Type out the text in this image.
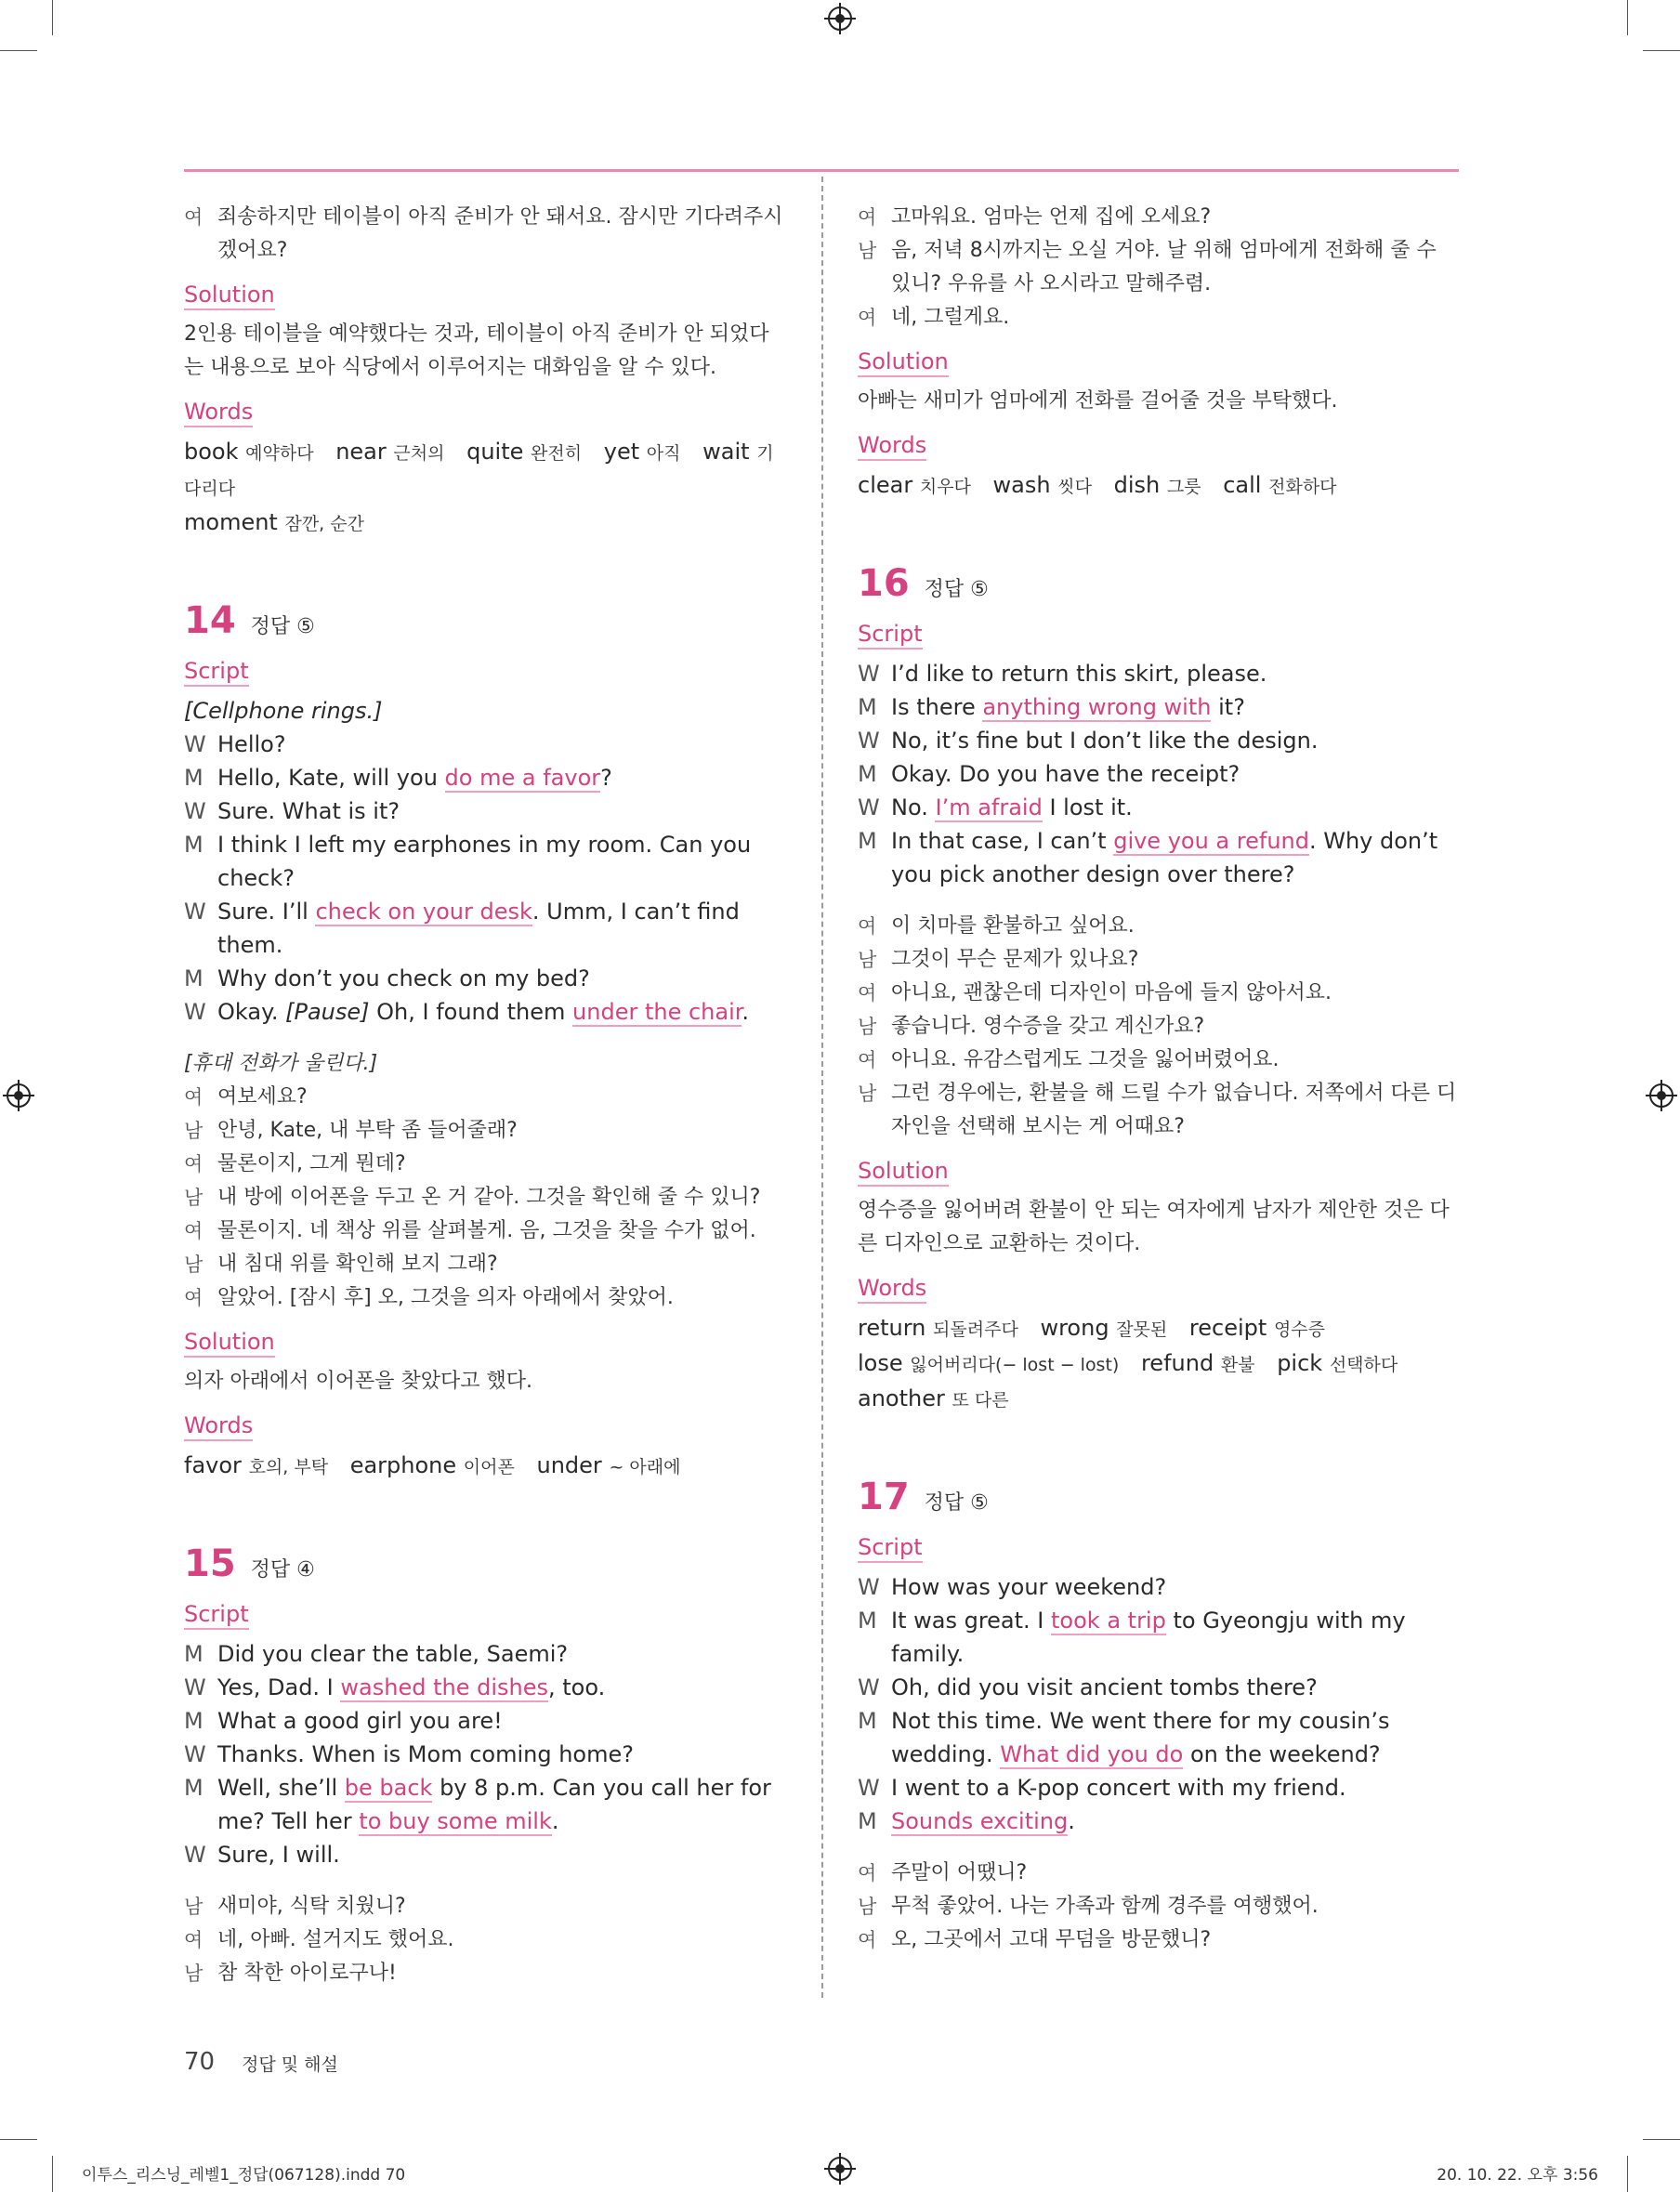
여 죄송하지만 테이블이 아직 준비가 안 돼서요. 잠시만 기다려주시겠어요?
Solution
2인용 테이블을 예약했다는 것과, 테이블이 아직 준비가 안 되었다는 내용으로 보아 식당에서 이루어지는 대화임을 알 수 있다.
Words
book 예약하다 near 근처의 quite 완전히 yet 아직 wait 기다리다
moment 잠깐, 순간
14 정답 ⑤
Script
[Cellphone rings.]
W Hello?
M Hello, Kate, will you do me a favor?
W Sure. What is it?
M I think I left my earphones in my room. Can you check?
W Sure. I’ll check on your desk. Umm, I can’t find them.
M Why don’t you check on my bed?
W Okay. [Pause] Oh, I found them under the chair.
[휴대 전화가 울린다.]
여 여보세요?
남 안녕, Kate, 내 부탁 좀 들어줄래?
여 물론이지, 그게 뭔데?
남 내 방에 이어폰을 두고 온 거 같아. 그것을 확인해 줄 수 있니?
여 물론이지. 네 책상 위를 살펴볼게. 음, 그것을 찾을 수가 없어.
남 내 침대 위를 확인해 보지 그래?
여 알았어. [잠시 후] 오, 그것을 의자 아래에서 찾았어.
Solution
의자 아래에서 이어폰을 찾았다고 했다.
Words
favor 호의, 부탁 earphone 이어폰 under ~ 아래에
15 정답 ④
Script
M Did you clear the table, Saemi?
W Yes, Dad. I washed the dishes, too.
M What a good girl you are!
W Thanks. When is Mom coming home?
M Well, she’ll be back by 8 p.m. Can you call her for me? Tell her to buy some milk.
W Sure, I will.
남 새미야, 식탁 치웠니?
여 네, 아빠. 설거지도 했어요.
남 참 착한 아이로구나!
여 고마워요. 엄마는 언제 집에 오세요?
남 음, 저녁 8시까지는 오실 거야. 날 위해 엄마에게 전화해 줄 수 있니? 우유를 사 오시라고 말해주렴.
여 네, 그럴게요.
Solution
아빠는 새미가 엄마에게 전화를 걸어줄 것을 부탁했다.
Words
clear 치우다 wash 씻다 dish 그릇 call 전화하다
16 정답 ⑤
Script
W I’d like to return this skirt, please.
M Is there anything wrong with it?
W No, it’s fine but I don’t like the design.
M Okay. Do you have the receipt?
W No. I’m afraid I lost it.
M In that case, I can’t give you a refund. Why don’t you pick another design over there?
여 이 치마를 환불하고 싶어요.
남 그것이 무슨 문제가 있나요?
여 아니요, 괜찮은데 디자인이 마음에 들지 않아서요.
남 좋습니다. 영수증을 갖고 계신가요?
여 아니요. 유감스럽게도 그것을 잃어버렸어요.
남 그런 경우에는, 환불을 해 드릴 수가 없습니다. 저쪽에서 다른 디자인을 선택해 보시는 게 어때요?
Solution
영수증을 잃어버려 환불이 안 되는 여자에게 남자가 제안한 것은 다른 디자인으로 교환하는 것이다.
Words
return 되돌려주다 wrong 잘못된 receipt 영수증
lose 잃어버리다(− lost − lost) refund 환불 pick 선택하다
another 또 다른
17 정답 ⑤
Script
W How was your weekend?
M It was great. I took a trip to Gyeongju with my family.
W Oh, did you visit ancient tombs there?
M Not this time. We went there for my cousin’s wedding. What did you do on the weekend?
W I went to a K-pop concert with my friend.
M Sounds exciting.
여 주말이 어땠니?
남 무척 좋았어. 나는 가족과 함께 경주를 여행했어.
여 오, 그곳에서 고대 무덤을 방문했니?
70 정답 및 해설
이투스_리스닝_레벨1_정답(067128).indd 70	20. 10. 22. 오후 3:56
